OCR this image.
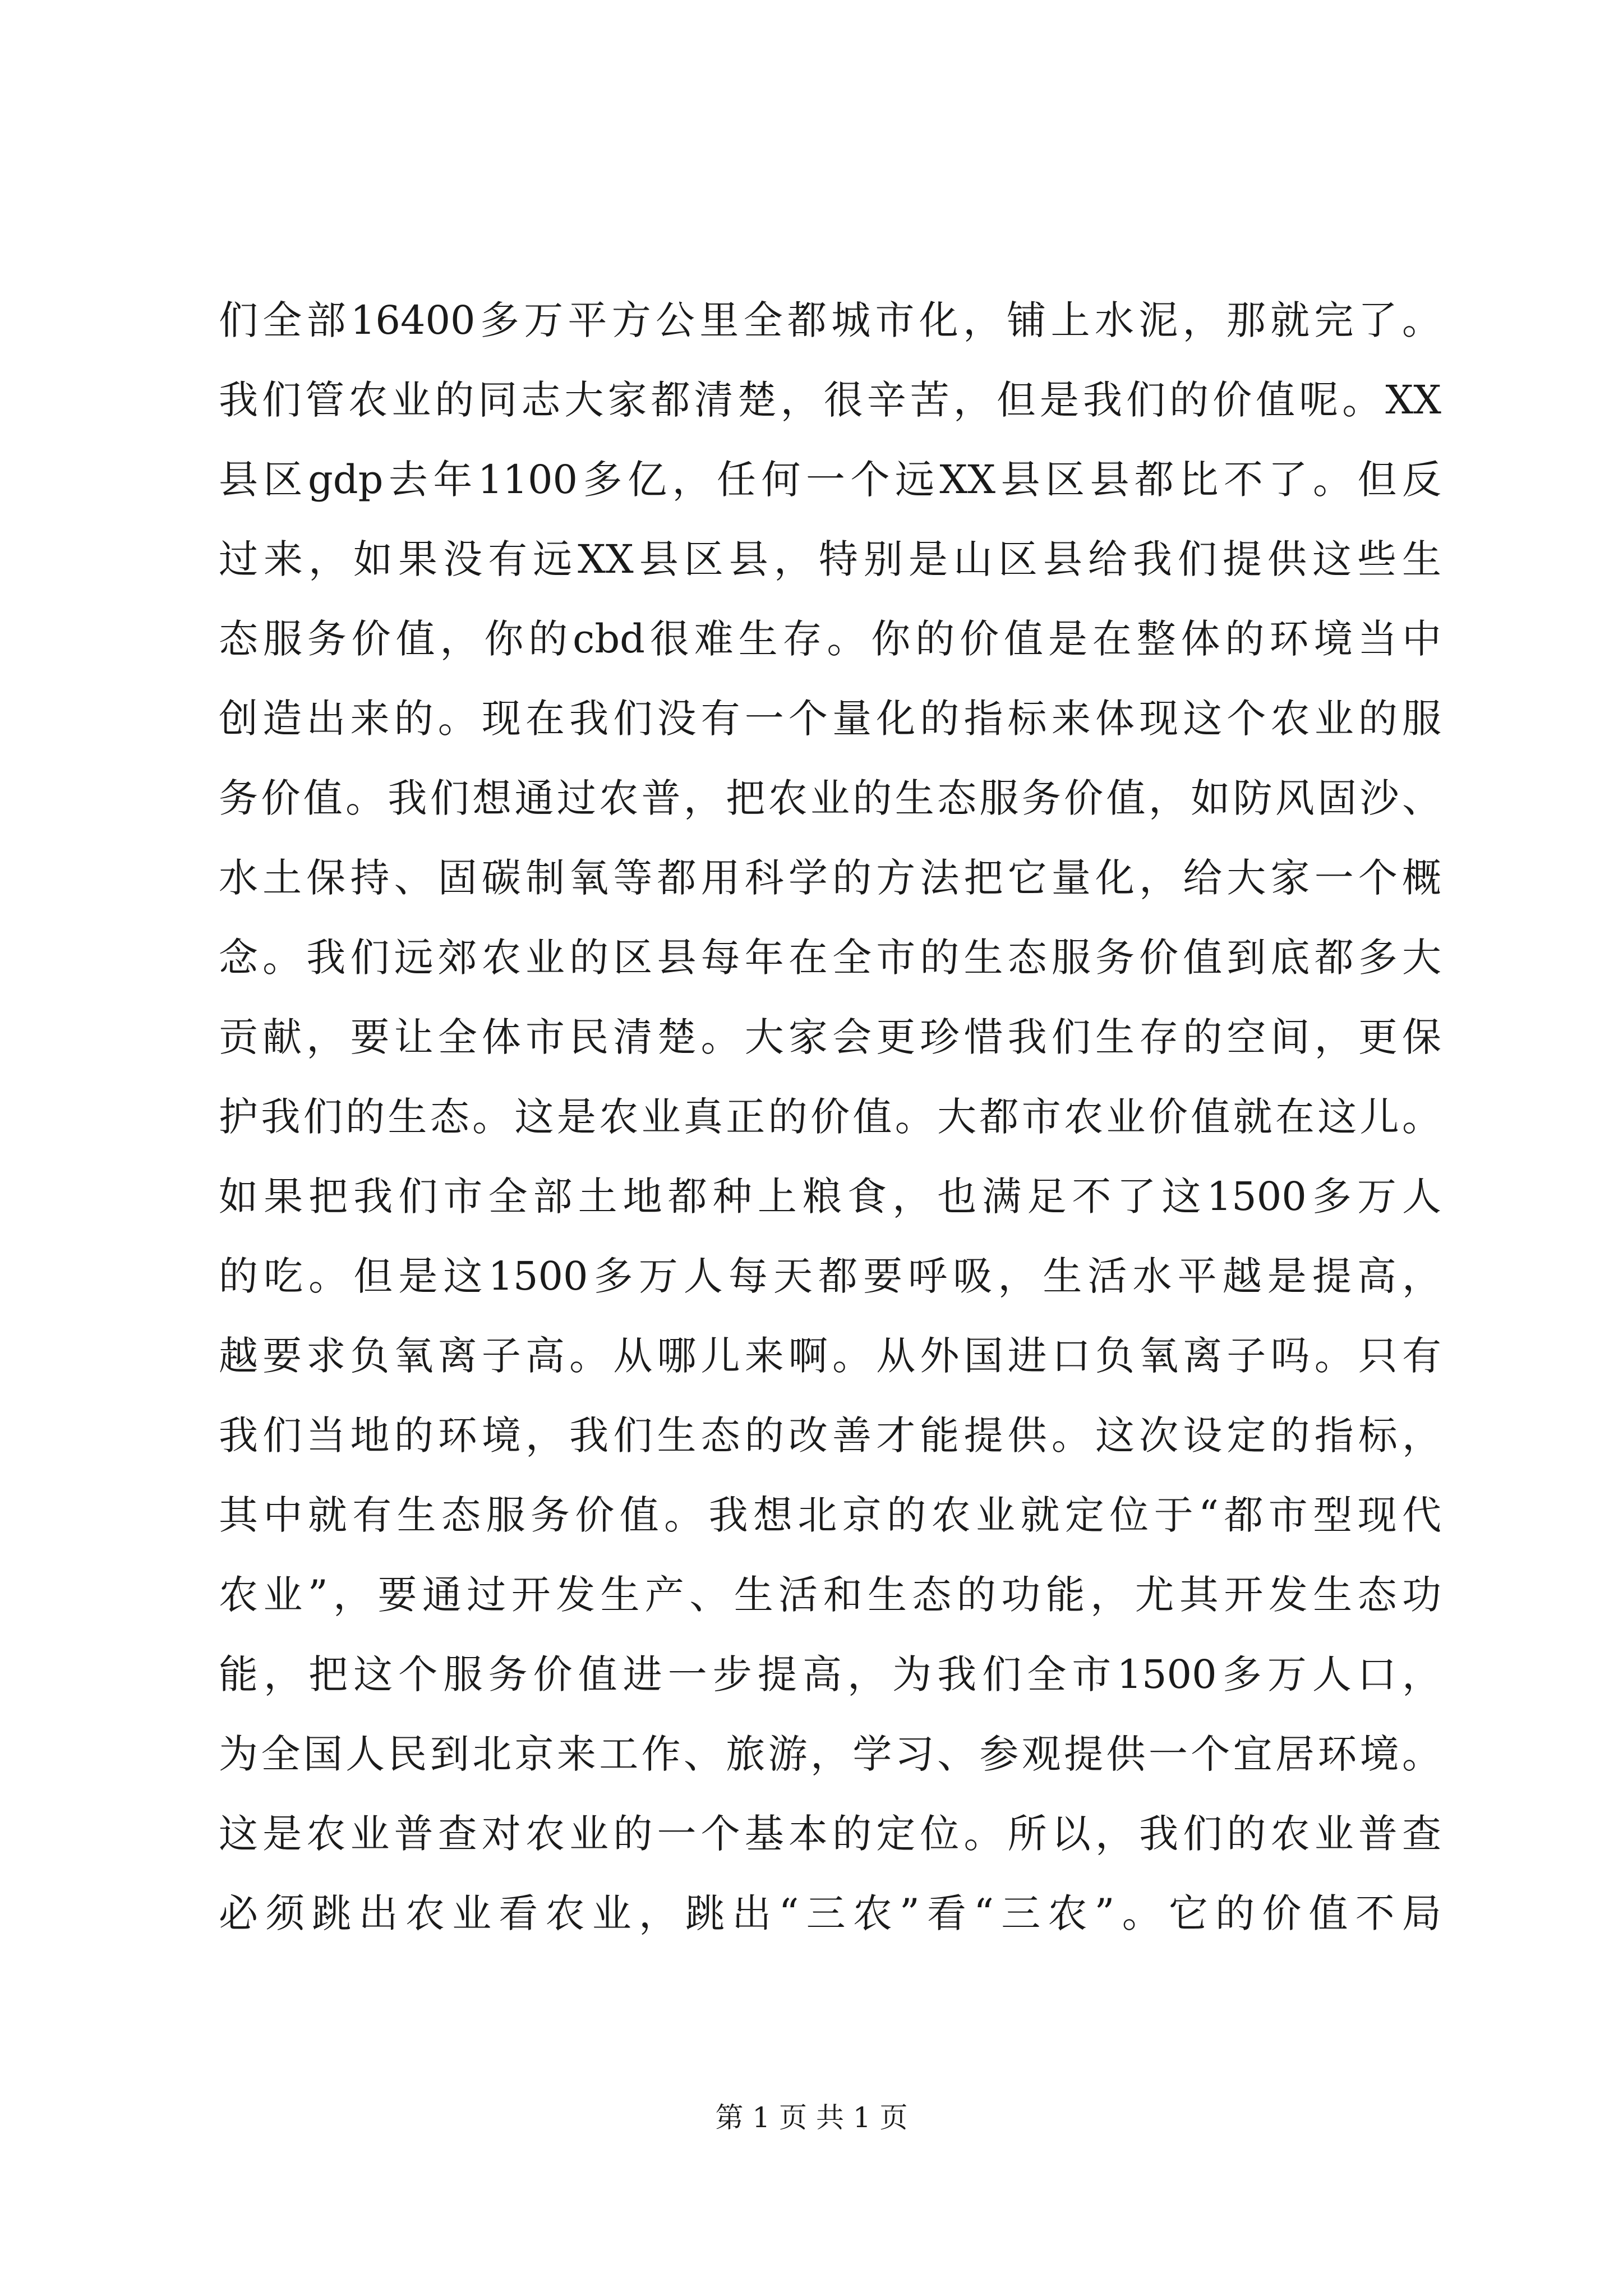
们全部16400多万平方公里全都城市化，铺上水泥，那就完了。
我们管农业的同志大家都清楚，很辛苦，但是我们的价值呢。XX
县区gdp去年1100多亿，任何一个远XX县区县都比不了。但反
过来，如果没有远XX县区县，特别是山区县给我们提供这些生
态服务价值，你的cbd很难生存。你的价值是在整体的环境当中
创造出来的。现在我们没有一个量化的指标来体现这个农业的服
务价值。我们想通过农普，把农业的生态服务价值，如防风固沙、
水土保持、固碳制氧等都用科学的方法把它量化，给大家一个概
念。我们远郊农业的区县每年在全市的生态服务价值到底都多大
贡献，要让全体市民清楚。大家会更珍惜我们生存的空间，更保
护我们的生态。这是农业真正的价值。大都市农业价值就在这儿。
如果把我们市全部土地都种上粮食，也满足不了这1500多万人
的吃。但是这1500多万人每天都要呼吸，生活水平越是提高，
越要求负氧离子高。从哪儿来啊。从外国进口负氧离子吗。只有
我们当地的环境，我们生态的改善才能提供。这次设定的指标，
其中就有生态服务价值。我想北京的农业就定位于“都市型现代
农业”，要通过开发生产、生活和生态的功能，尤其开发生态功
能，把这个服务价值进一步提高，为我们全市1500多万人口，
为全国人民到北京来工作、旅游，学习、参观提供一个宜居环境。
这是农业普查对农业的一个基本的定位。所以，我们的农业普查
必须跳出农业看农业，跳出“三农”看“三农”。它的价值不局
第 1 页 共 1 页
